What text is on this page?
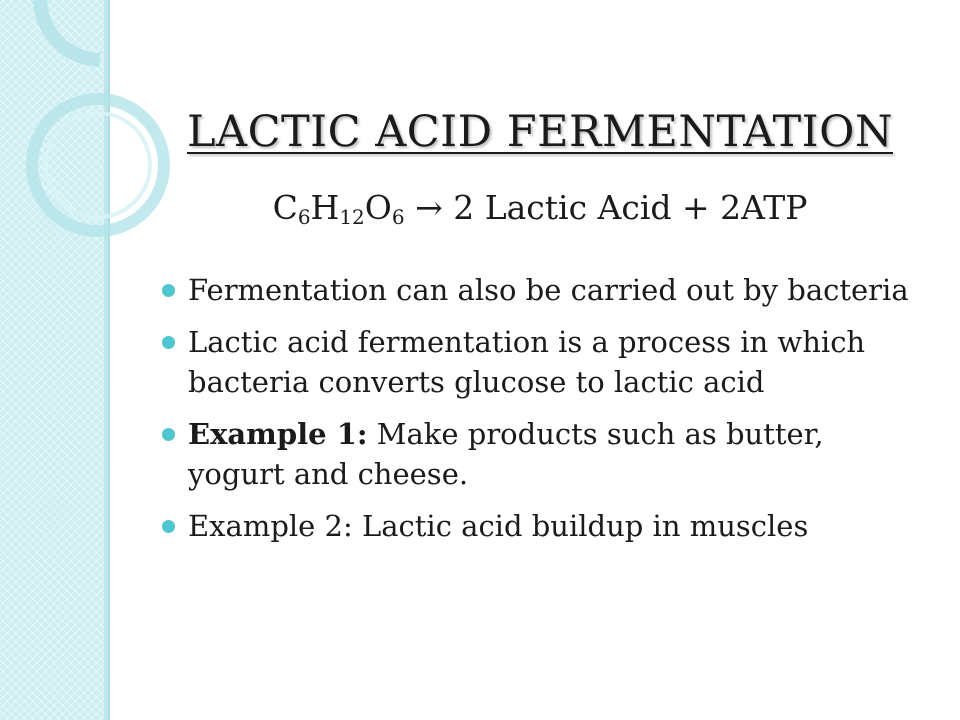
LACTIC ACID FERMENTATION
$C_6H_{12}O_6 \to 2$ Lactic Acid + 2ATP
Fermentation can also be carried out by bacteria
Lactic acid fermentation is a process in which bacteria converts glucose to lactic acid
Example 1: Make products such as butter, yogurt and cheese.
Example 2: Lactic acid buildup in muscles
